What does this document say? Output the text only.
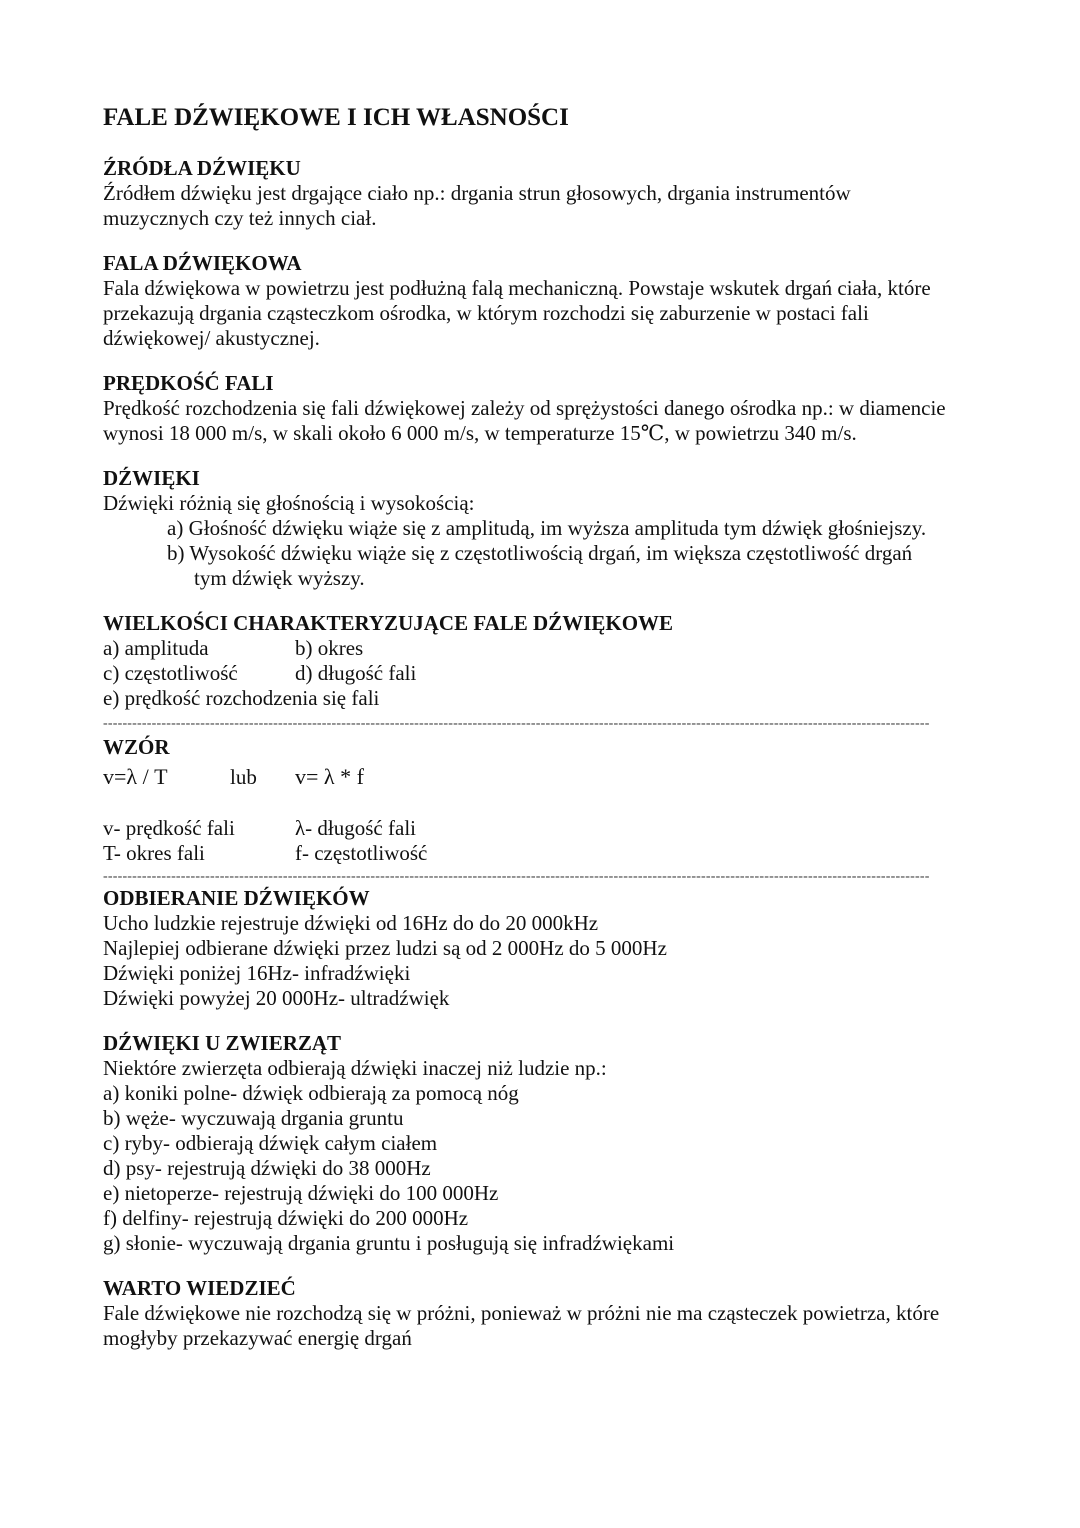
FALE DŹWIĘKOWE I ICH WŁASNOŚCI
ŹRÓDŁA DŹWIĘKU
Źródłem dźwięku jest drgające ciało np.: drgania strun głosowych, drgania instrumentów
muzycznych czy też innych ciał.
FALA DŹWIĘKOWA
Fala dźwiękowa w powietrzu jest podłużną falą mechaniczną. Powstaje wskutek drgań ciała, które
przekazują drgania cząsteczkom ośrodka, w którym rozchodzi się zaburzenie w postaci fali
dźwiękowej/ akustycznej.
PRĘDKOŚĆ FALI
Prędkość rozchodzenia się fali dźwiękowej zależy od sprężystości danego ośrodka np.: w diamencie
wynosi 18 000 m/s, w skali około 6 000 m/s, w temperaturze 15℃, w powietrzu 340 m/s.
DŹWIĘKI
Dźwięki różnią się głośnością i wysokością:
a) Głośność dźwięku wiąże się z amplitudą, im wyższa amplituda tym dźwięk głośniejszy.
b) Wysokość dźwięku wiąże się z częstotliwością drgań, im większa częstotliwość drgań
tym dźwięk wyższy.
WIELKOŚCI CHARAKTERYZUJĄCE FALE DŹWIĘKOWE
a) amplituda	b) okres
c) częstotliwość	d) długość fali
e) prędkość rozchodzenia się fali
--------------------------------------------------------------------------------------------------------------------------------------------------------------------------
WZÓR
v=λ / T	lub	v= λ * f
v- prędkość fali	λ- długość fali
T- okres fali	f- częstotliwość
--------------------------------------------------------------------------------------------------------------------------------------------------------------------------
ODBIERANIE DŹWIĘKÓW
Ucho ludzkie rejestruje dźwięki od 16Hz do do 20 000kHz
Najlepiej odbierane dźwięki przez ludzi są od 2 000Hz do 5 000Hz
Dźwięki poniżej 16Hz- infradźwięki
Dźwięki powyżej 20 000Hz- ultradźwięk
DŹWIĘKI U ZWIERZĄT
Niektóre zwierzęta odbierają dźwięki inaczej niż ludzie np.:
a) koniki polne- dźwięk odbierają za pomocą nóg
b) węże- wyczuwają drgania gruntu
c) ryby- odbierają dźwięk całym ciałem
d) psy- rejestrują dźwięki do 38 000Hz
e) nietoperze- rejestrują dźwięki do 100 000Hz
f) delfiny- rejestrują dźwięki do 200 000Hz
g) słonie- wyczuwają drgania gruntu i posługują się infradźwiękami
WARTO WIEDZIEĆ
Fale dźwiękowe nie rozchodzą się w próżni, ponieważ w próżni nie ma cząsteczek powietrza, które
mogłyby przekazywać energię drgań
